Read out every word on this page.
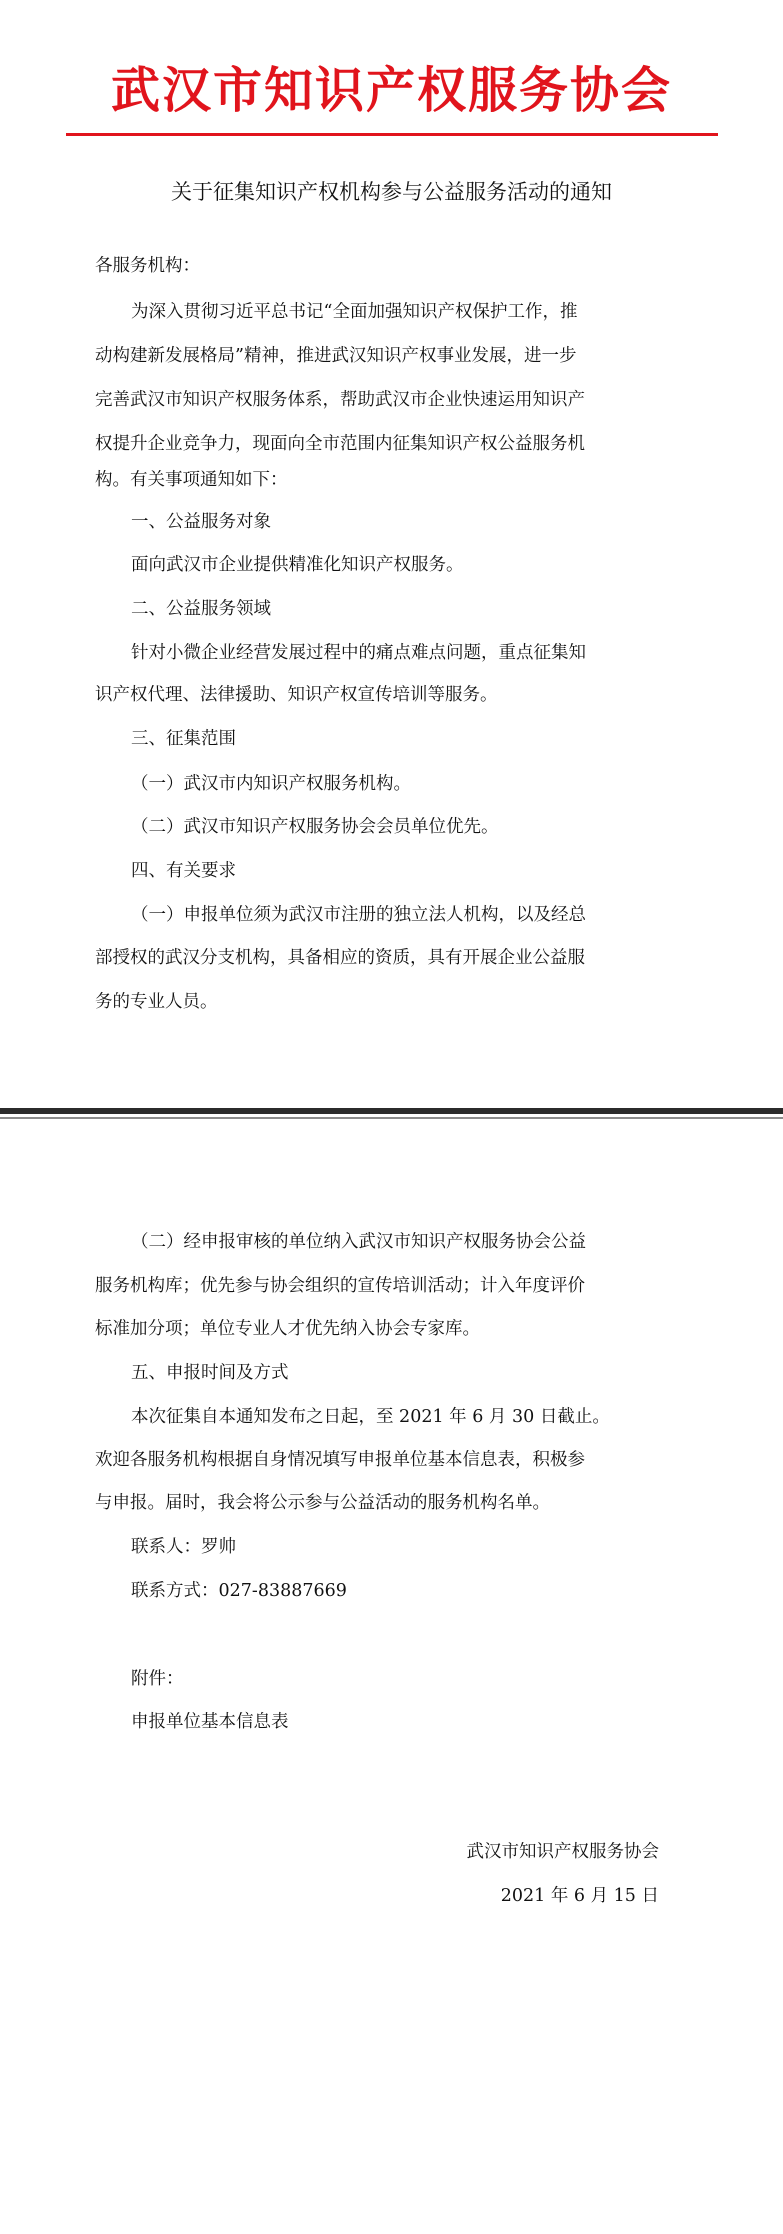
武汉市知识产权服务协会
关于征集知识产权机构参与公益服务活动的通知
各服务机构：
为深入贯彻习近平总书记“全面加强知识产权保护工作，推
动构建新发展格局”精神，推进武汉知识产权事业发展，进一步
完善武汉市知识产权服务体系，帮助武汉市企业快速运用知识产
权提升企业竞争力，现面向全市范围内征集知识产权公益服务机
构。有关事项通知如下：
一、公益服务对象
面向武汉市企业提供精准化知识产权服务。
二、公益服务领域
针对小微企业经营发展过程中的痛点难点问题，重点征集知
识产权代理、法律援助、知识产权宣传培训等服务。
三、征集范围
（一）武汉市内知识产权服务机构。
（二）武汉市知识产权服务协会会员单位优先。
四、有关要求
（一）申报单位须为武汉市注册的独立法人机构，以及经总
部授权的武汉分支机构，具备相应的资质，具有开展企业公益服
务的专业人员。
（二）经申报审核的单位纳入武汉市知识产权服务协会公益
服务机构库；优先参与协会组织的宣传培训活动；计入年度评价
标准加分项；单位专业人才优先纳入协会专家库。
五、申报时间及方式
本次征集自本通知发布之日起，至 2021 年 6 月 30 日截止。
欢迎各服务机构根据自身情况填写申报单位基本信息表，积极参
与申报。届时，我会将公示参与公益活动的服务机构名单。
联系人：罗帅
联系方式：027-83887669
附件：
申报单位基本信息表
武汉市知识产权服务协会
2021 年 6 月 15 日
